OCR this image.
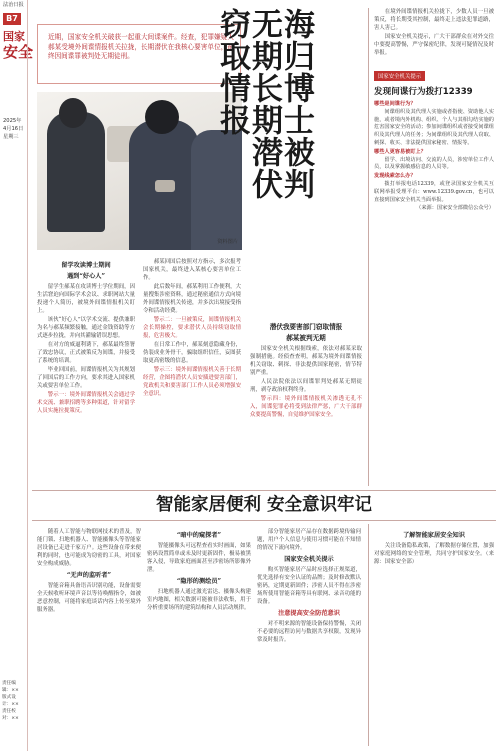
法治日报
B7
国家
安全
2025年
4月16日
星期三
责任编辑：××
版式设计：××
责任校对：××
近期，国家安全机关破获一起重大间谍案件。经查，犯罪嫌疑人郝某受境外间谍情报机关拉拢，长期潜伏在我核心要害单位，最终因间谍罪被判处无期徒刑。
资料图片
海归博士被判无期长期潜伏窃取情报
留学攻读博士期间
遇到“好心人”

留学生郝某在攻读博士学位期间，因生活窘迫向国际学术会议、求职网站大量投递个人简历，被境外间谍情报机关盯上。

该伙“好心人”以学术交流、提供兼职为名与郝某频繁接触，通过金钱资助等方式逐步拉拢，并向其灌输错误思想。

在对方的威逼利诱下，郝某最终签署了效忠协议，正式被策反为间谍，并接受了系统的培训。

毕业回国前，间谍情报机关为其规划了回国后的工作方向，要求其进入国家机关或要害单位工作。

警示一：境外间谍情报机关会通过学术交流、兼职招聘等多种渠道，针对留学人员实施拉拢策反。

郝某回国后按照对方指示，多次报考国家机关，最终进入某核心要害单位工作。

此后数年间，郝某利用工作便利，大量搜集涉密资料，通过秘密通信方式向境外间谍情报机关传递，并多次出境接受指令和活动经费。

警示二：一旦被策反，间谍情报机关会长期操控，要求潜伏人员持续窃取情报，危害极大。

在日常工作中，郝某刻意隐藏身份，伪装成业务骨干，骗取组织信任，妄图获取更高密级的信息。

警示三：境外间谍情报机关善于长期经营，企图将潜伏人员安插进要害部门，党政机关和要害部门工作人员必须增强安全意识。

潜伏我要害部门窃取情报
郝某被判无期

国家安全机关根据线索，依法对郝某采取强制措施。经侦查查明，郝某为境外间谍情报机关窃取、刺探、非法提供国家秘密，情节特别严重。

人民法院依法以间谍罪判处郝某无期徒刑，剥夺政治权利终身。

警示四：境外间谍情报机关渗透无孔不入，间谍犯罪必将受到法律严惩，广大干部群众要提高警惕，自觉维护国家安全。

在境外间谍情报机关拉拢下，少数人员一旦被策反，将长期受其控制，最终走上违法犯罪道路，害人害己。

国家安全机关提示，广大干部群众在对外交往中要提高警惕，严守保密纪律，发现可疑情况及时举报。

国家安全机关提示
发现间谍行为拨打12339
哪些是间谍行为？

间谍组织及其代理人实施或者指使、资助他人实施，或者境内外机构、组织、个人与其相勾结实施的危害国家安全的活动；参加间谍组织或者接受间谍组织及其代理人的任务；为间谍组织及其代理人窃取、刺探、收买、非法提供国家秘密、情报等。

哪些人更容易被盯上？

留学、出境访问、交流的人员，涉密单位工作人员，以及掌握敏感信息的人员等。

发现线索怎么办？

拨打举报电话12339，或登录国家安全机关互联网举报受理平台：www.12339.gov.cn，也可以直接到国家安全机关当面举报。

（来源：国家安全部微信公众号）
智能家居便利 安全意识牢记

随着人工智能与物联网技术的普及，智能门锁、扫地机器人、智能摄像头等智能家居设备已走进千家万户。这些设备在带来便利的同时，也可能成为窃密的工具，对国家安全构成威胁。

“无声的监听者”

智能音箱具备语音识别功能，设备需要全天候收听环境声音以等待唤醒指令，如被恶意控制，可能将家庭谈话内容上传至境外服务器。

“暗中的窥探者”

智能摄像头可远程查看实时画面，如果密码设置简单或未及时更新固件，极易被黑客入侵，导致家庭画面甚至涉密场所影像外泄。

“隐形的测绘员”

扫地机器人通过激光雷达、摄像头构建室内地图，相关数据可能被非法收集，用于分析重要场所的建筑结构和人员活动规律。

部分智能家居产品存在数据跨境传输问题，用户个人信息与使用习惯可能在不知情的情况下流向境外。

国家安全机关提示

购买智能家居产品时应选择正规渠道，优先选择有安全认证的品牌；及时修改默认密码，定期更新固件；涉密人员不得在涉密场所使用智能音箱等具有联网、录音功能的设备。

注意提高安全防范意识

对不明来源的智能设备保持警惕，关闭不必要的远程访问与数据共享权限，发现异常及时报告。

了解智能家居安全知识

关注设备隐私政策，了解数据存储位置，加强对家庭网络的安全管理，共同守护国家安全。（来源：国家安全部）
